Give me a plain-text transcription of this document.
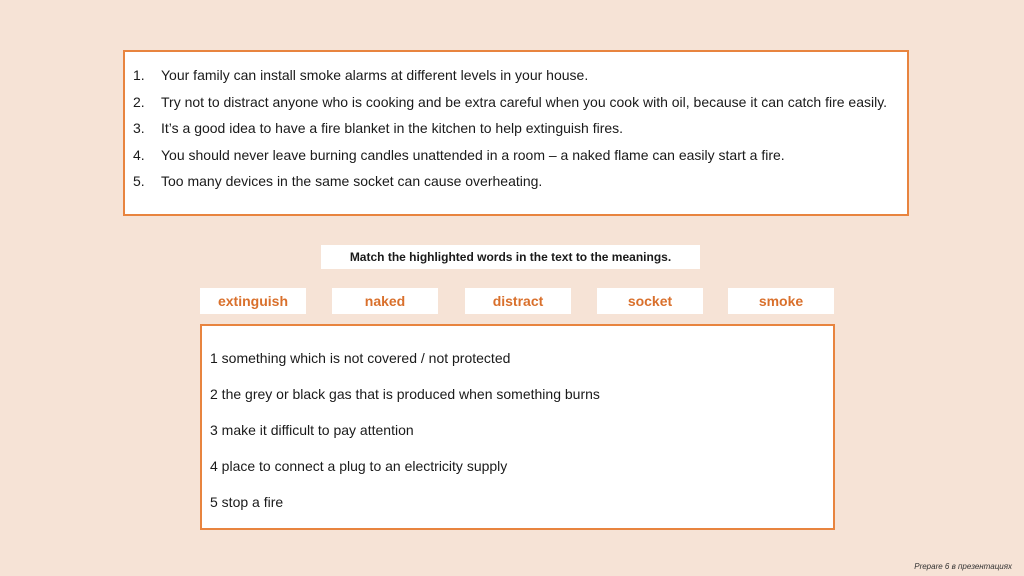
1.	Your family can install smoke alarms at different levels in your house.
2.	Try not to distract anyone who is cooking and be extra careful when you cook with oil, because it can catch fire easily.
3.	It’s a good idea to have a fire blanket in the kitchen to help extinguish fires.
4.	You should never leave burning candles unattended in a room – a naked flame can easily start a fire.
5.	Too many devices in the same socket can cause overheating.
Match the highlighted words in the text to the meanings.
extinguish	naked	distract	socket	smoke
1 something which is not covered / not protected
2 the grey or black gas that is produced when something burns
3 make it difficult to pay attention
4 place to connect a plug to an electricity supply
5 stop a fire
Prepare 6 в презентациях
